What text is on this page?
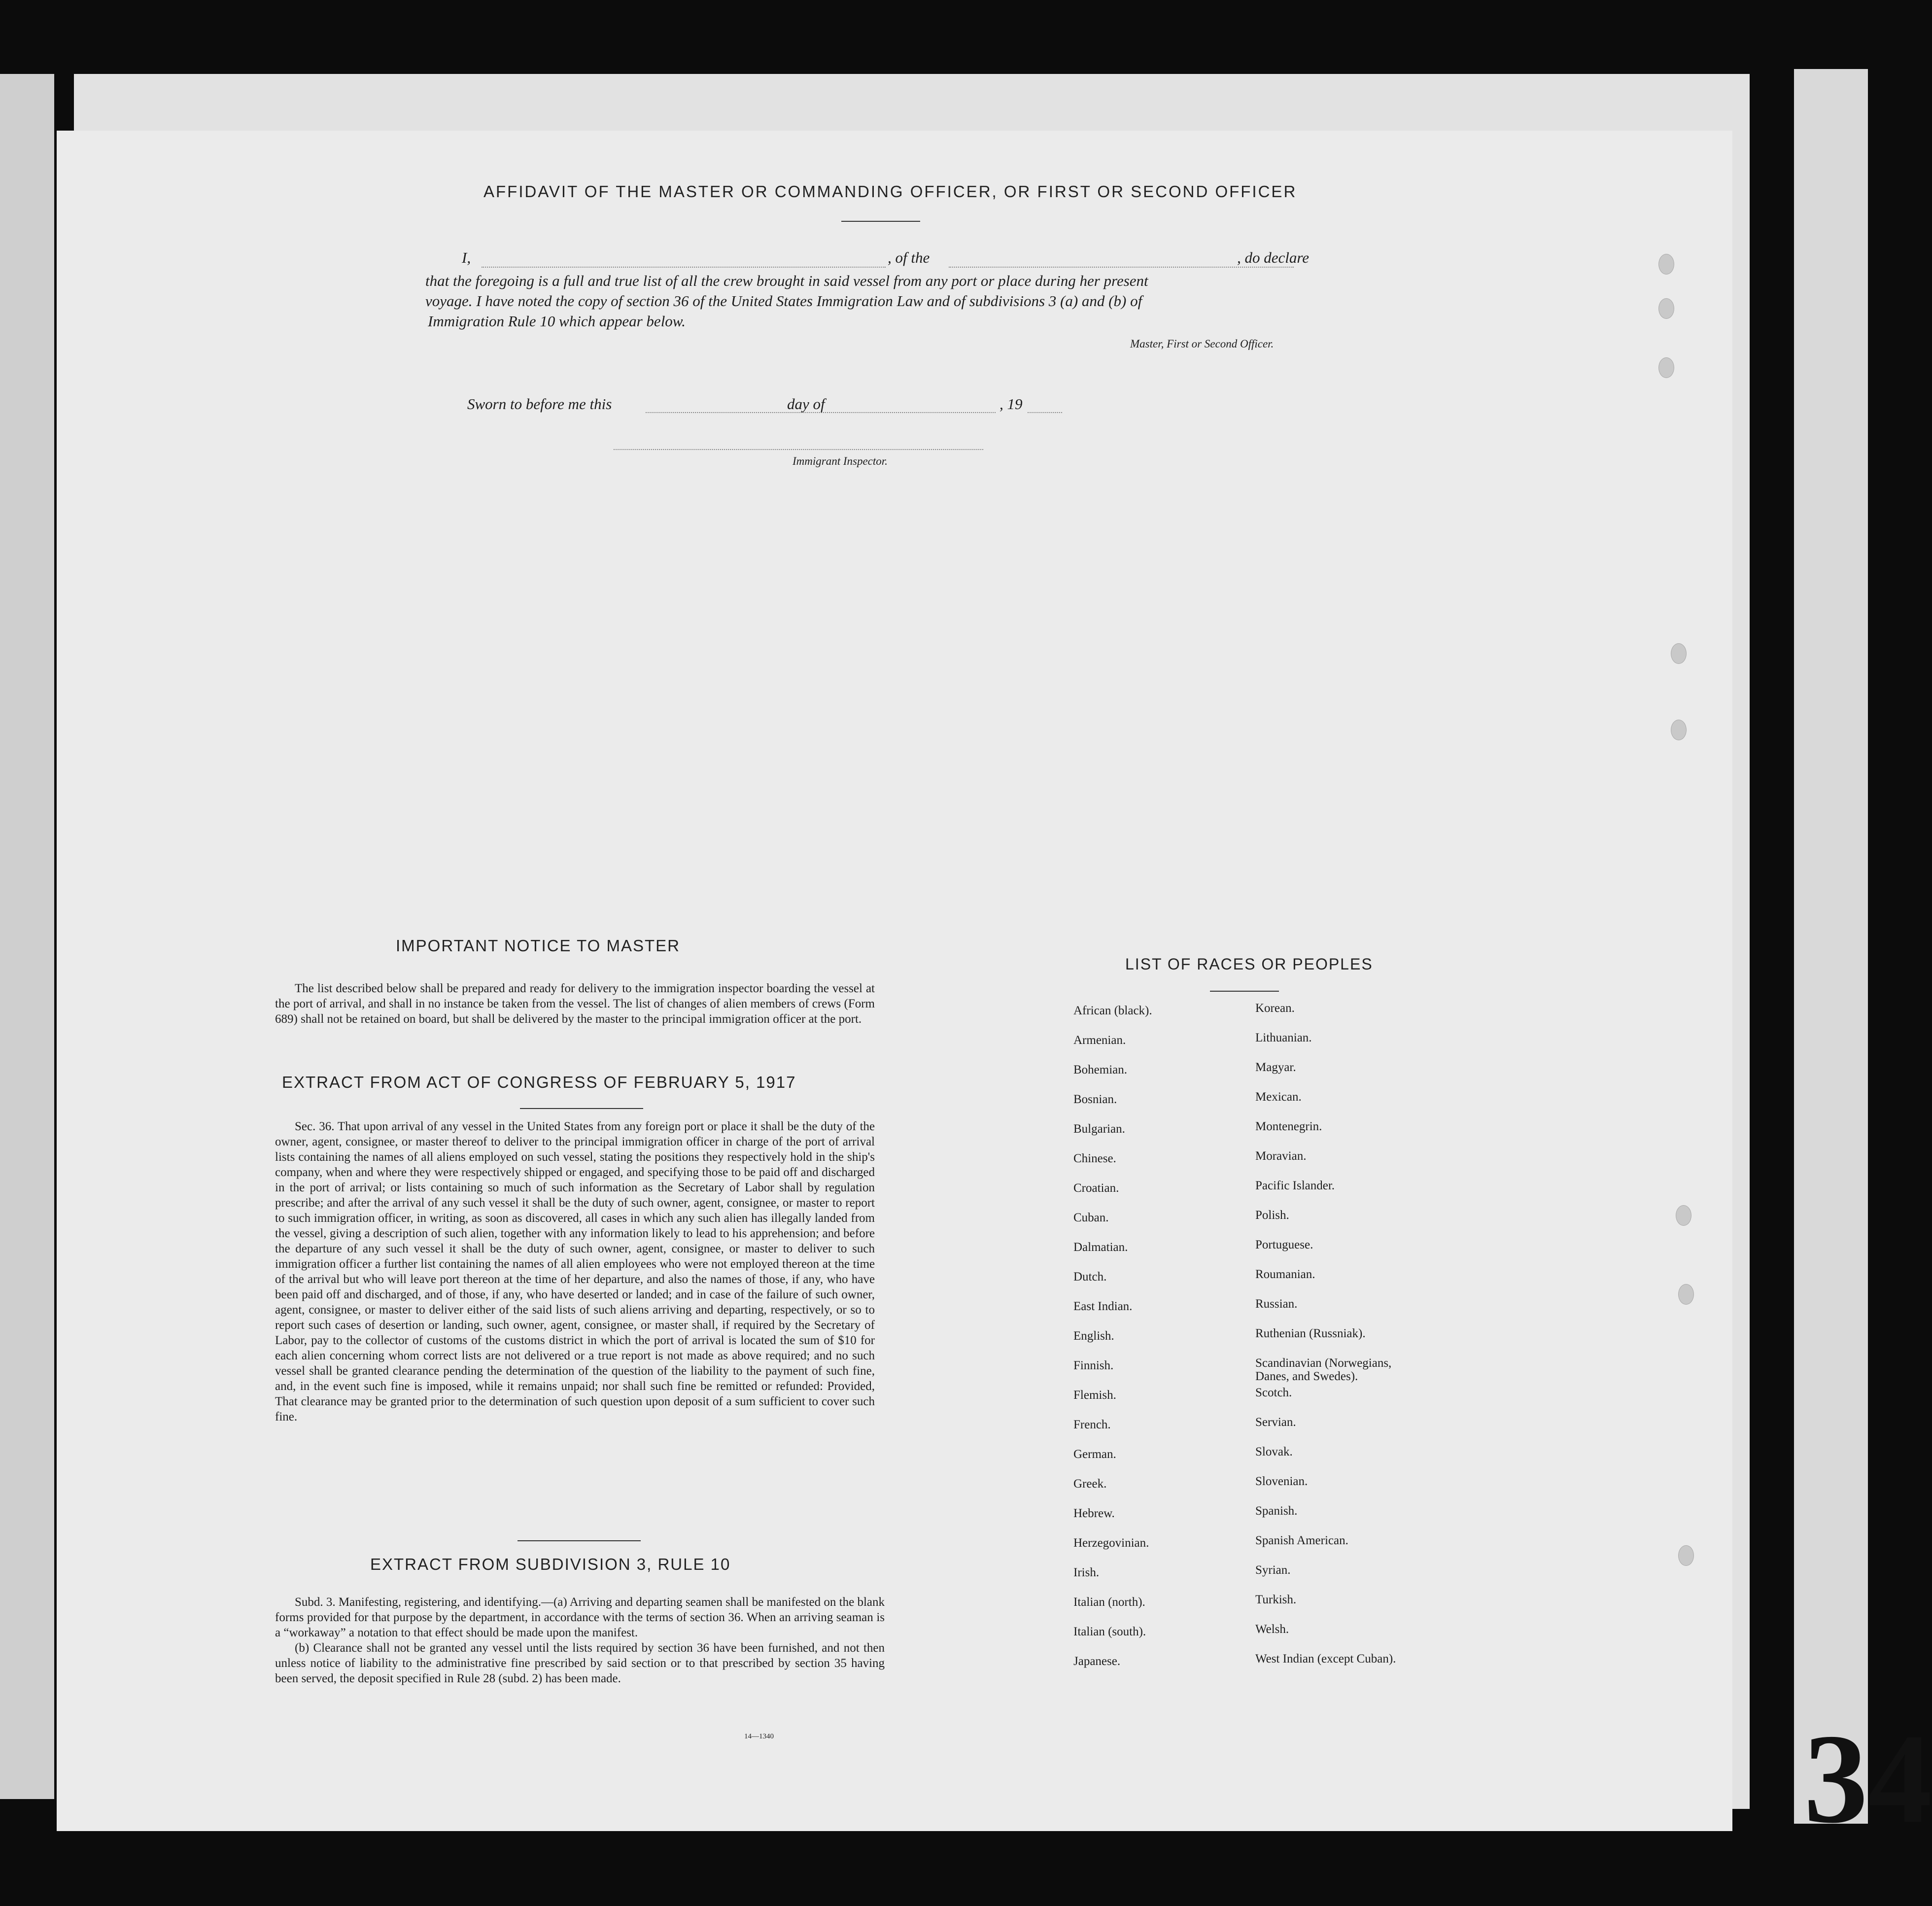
34
AFFIDAVIT OF THE MASTER OR COMMANDING OFFICER, OR FIRST OR SECOND OFFICER
I,	, of the	, do declare
that the foregoing is a full and true list of all the crew brought in said vessel from any port or place during her present
voyage. I have noted the copy of section 36 of the United States Immigration Law and of subdivisions 3 (a) and (b) of
Immigration Rule 10 which appear below.
Master, First or Second Officer.
Sworn to before me this	day of	, 19
Immigrant Inspector.
IMPORTANT NOTICE TO MASTER

The list described below shall be prepared and ready for delivery to the immigration inspector boarding the vessel at the port of arrival, and shall in no instance be taken from the vessel. The list of changes of alien members of crews (Form 689) shall not be retained on board, but shall be delivered by the master to the principal immigration officer at the port.

EXTRACT FROM ACT OF CONGRESS OF FEBRUARY 5, 1917

Sec. 36. That upon arrival of any vessel in the United States from any foreign port or place it shall be the duty of the owner, agent, consignee, or master thereof to deliver to the principal immigration officer in charge of the port of arrival lists containing the names of all aliens employed on such vessel, stating the positions they respectively hold in the ship's company, when and where they were respectively shipped or engaged, and specifying those to be paid off and discharged in the port of arrival; or lists containing so much of such information as the Secretary of Labor shall by regulation prescribe; and after the arrival of any such vessel it shall be the duty of such owner, agent, consignee, or master to report to such immigration officer, in writing, as soon as discovered, all cases in which any such alien has illegally landed from the vessel, giving a description of such alien, together with any information likely to lead to his apprehension; and before the departure of any such vessel it shall be the duty of such owner, agent, consignee, or master to deliver to such immigration officer a further list containing the names of all alien employees who were not employed thereon at the time of the arrival but who will leave port thereon at the time of her departure, and also the names of those, if any, who have been paid off and discharged, and of those, if any, who have deserted or landed; and in case of the failure of such owner, agent, consignee, or master to deliver either of the said lists of such aliens arriving and departing, respectively, or so to report such cases of desertion or landing, such owner, agent, consignee, or master shall, if required by the Secretary of Labor, pay to the collector of customs of the customs district in which the port of arrival is located the sum of $10 for each alien concerning whom correct lists are not delivered or a true report is not made as above required; and no such vessel shall be granted clearance pending the determination of the question of the liability to the payment of such fine, and, in the event such fine is imposed, while it remains unpaid; nor shall such fine be remitted or refunded: Provided, That clearance may be granted prior to the determination of such question upon deposit of a sum sufficient to cover such fine.

EXTRACT FROM SUBDIVISION 3, RULE 10

Subd. 3. Manifesting, registering, and identifying.—(a) Arriving and departing seamen shall be manifested on the blank forms provided for that purpose by the department, in accordance with the terms of section 36. When an arriving seaman is a “workaway” a notation to that effect should be made upon the manifest.

(b) Clearance shall not be granted any vessel until the lists required by section 36 have been furnished, and not then unless notice of liability to the administrative fine prescribed by said section or to that prescribed by section 35 having been served, the deposit specified in Rule 28 (subd. 2) has been made.

14—1340
LIST OF RACES OR PEOPLES
African (black).
Armenian.
Bohemian.
Bosnian.
Bulgarian.
Chinese.
Croatian.
Cuban.
Dalmatian.
Dutch.
East Indian.
English.
Finnish.
Flemish.
French.
German.
Greek.
Hebrew.
Herzegovinian.
Irish.
Italian (north).
Italian (south).
Japanese.
Korean.
Lithuanian.
Magyar.
Mexican.
Montenegrin.
Moravian.
Pacific Islander.
Polish.
Portuguese.
Roumanian.
Russian.
Ruthenian (Russniak).
Scandinavian (Norwegians,
Danes, and Swedes).
Scotch.
Servian.
Slovak.
Slovenian.
Spanish.
Spanish American.
Syrian.
Turkish.
Welsh.
West Indian (except Cuban).
